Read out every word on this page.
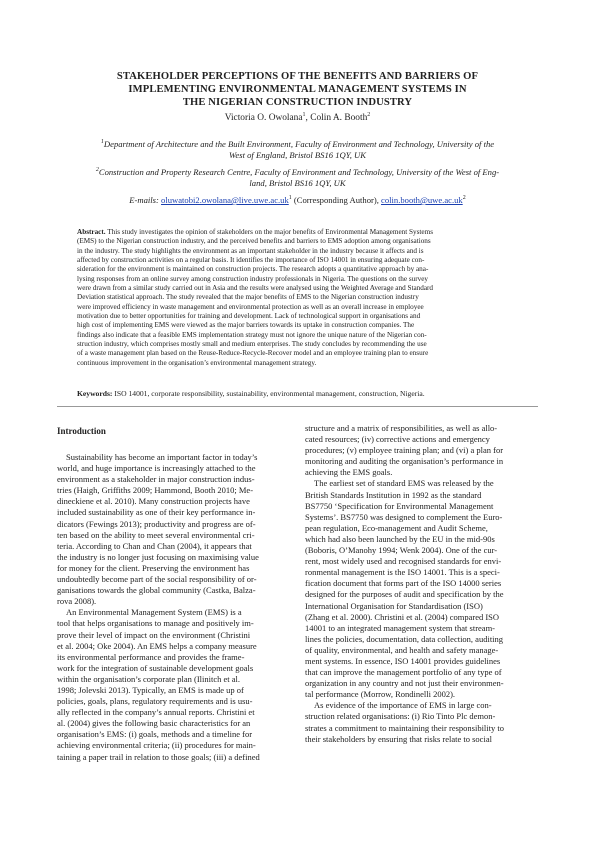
STAKEHOLDER PERCEPTIONS OF THE BENEFITS AND BARRIERS OF
IMPLEMENTING ENVIRONMENTAL MANAGEMENT SYSTEMS IN
THE NIGERIAN CONSTRUCTION INDUSTRY
Victoria O. Owolana$^1$, Colin A. Booth$^2$
$^1$Department of Architecture and the Built Environment, Faculty of Environment and Technology, University of the
West of England, Bristol BS16 1QY, UK
$^2$Construction and Property Research Centre, Faculty of Environment and Technology, University of the West of Eng-
land, Bristol BS16 1QY, UK
E-mails: $oluwatobi2.owolana@live.uwe.ac.uk^1$ (Corresponding Author), $colin.booth@uwe.ac.uk^2$
Abstract. This study investigates the opinion of stakeholders on the major benefits of Environmental Management Systems
(EMS) to the Nigerian construction industry, and the perceived benefits and barriers to EMS adoption among organisations
in the industry. The study highlights the environment as an important stakeholder in the industry because it affects and is
affected by construction activities on a regular basis. It identifies the importance of ISO 14001 in ensuring adequate con-
sideration for the environment is maintained on construction projects. The research adopts a quantitative approach by ana-
lysing responses from an online survey among construction industry professionals in Nigeria. The questions on the survey
were drawn from a similar study carried out in Asia and the results were analysed using the Weighted Average and Standard
Deviation statistical approach. The study revealed that the major benefits of EMS to the Nigerian construction industry
were improved efficiency in waste management and environmental protection as well as an overall increase in employee
motivation due to better opportunities for training and development. Lack of technological support in organisations and
high cost of implementing EMS were viewed as the major barriers towards its uptake in construction companies. The
findings also indicate that a feasible EMS implementation strategy must not ignore the unique nature of the Nigerian con-
struction industry, which comprises mostly small and medium enterprises. The study concludes by recommending the use
of a waste management plan based on the Reuse-Reduce-Recycle-Recover model and an employee training plan to ensure
continuous improvement in the organisation’s environmental management strategy.
Keywords: ISO 14001, corporate responsibility, sustainability, environmental management, construction, Nigeria.
Introduction
Sustainability has become an important factor in today’s
world, and huge importance is increasingly attached to the
environment as a stakeholder in major construction indus-
tries (Haigh, Griffiths 2009; Hammond, Booth 2010; Me-
dineckiene et al. 2010). Many construction projects have
included sustainability as one of their key performance in-
dicators (Fewings 2013); productivity and progress are of-
ten based on the ability to meet several environmental cri-
teria. According to Chan and Chan (2004), it appears that
the industry is no longer just focusing on maximising value
for money for the client. Preserving the environment has
undoubtedly become part of the social responsibility of or-
ganisations towards the global community (Castka, Balza-
rova 2008).
An Environmental Management System (EMS) is a
tool that helps organisations to manage and positively im-
prove their level of impact on the environment (Christini
et al. 2004; Oke 2004). An EMS helps a company measure
its environmental performance and provides the frame-
work for the integration of sustainable development goals
within the organisation’s corporate plan (Ilinitch et al.
1998; Jolevski 2013). Typically, an EMS is made up of
policies, goals, plans, regulatory requirements and is usu-
ally reflected in the company’s annual reports. Christini et
al. (2004) gives the following basic characteristics for an
organisation’s EMS: (i) goals, methods and a timeline for
achieving environmental criteria; (ii) procedures for main-
taining a paper trail in relation to those goals; (iii) a defined
structure and a matrix of responsibilities, as well as allo-
cated resources; (iv) corrective actions and emergency
procedures; (v) employee training plan; and (vi) a plan for
monitoring and auditing the organisation’s performance in
achieving the EMS goals.
The earliest set of standard EMS was released by the
British Standards Institution in 1992 as the standard
BS7750 ‘Specification for Environmental Management
Systems’. BS7750 was designed to complement the Euro-
pean regulation, Eco-management and Audit Scheme,
which had also been launched by the EU in the mid-90s
(Boboris, O’Manohy 1994; Wenk 2004). One of the cur-
rent, most widely used and recognised standards for envi-
ronmental management is the ISO 14001. This is a speci-
fication document that forms part of the ISO 14000 series
designed for the purposes of audit and specification by the
International Organisation for Standardisation (ISO)
(Zhang et al. 2000). Christini et al. (2004) compared ISO
14001 to an integrated management system that stream-
lines the policies, documentation, data collection, auditing
of quality, environmental, and health and safety manage-
ment systems. In essence, ISO 14001 provides guidelines
that can improve the management portfolio of any type of
organization in any country and not just their environmen-
tal performance (Morrow, Rondinelli 2002).
As evidence of the importance of EMS in large con-
struction related organisations: (i) Rio Tinto Plc demon-
strates a commitment to maintaining their responsibility to
their stakeholders by ensuring that risks relate to social
